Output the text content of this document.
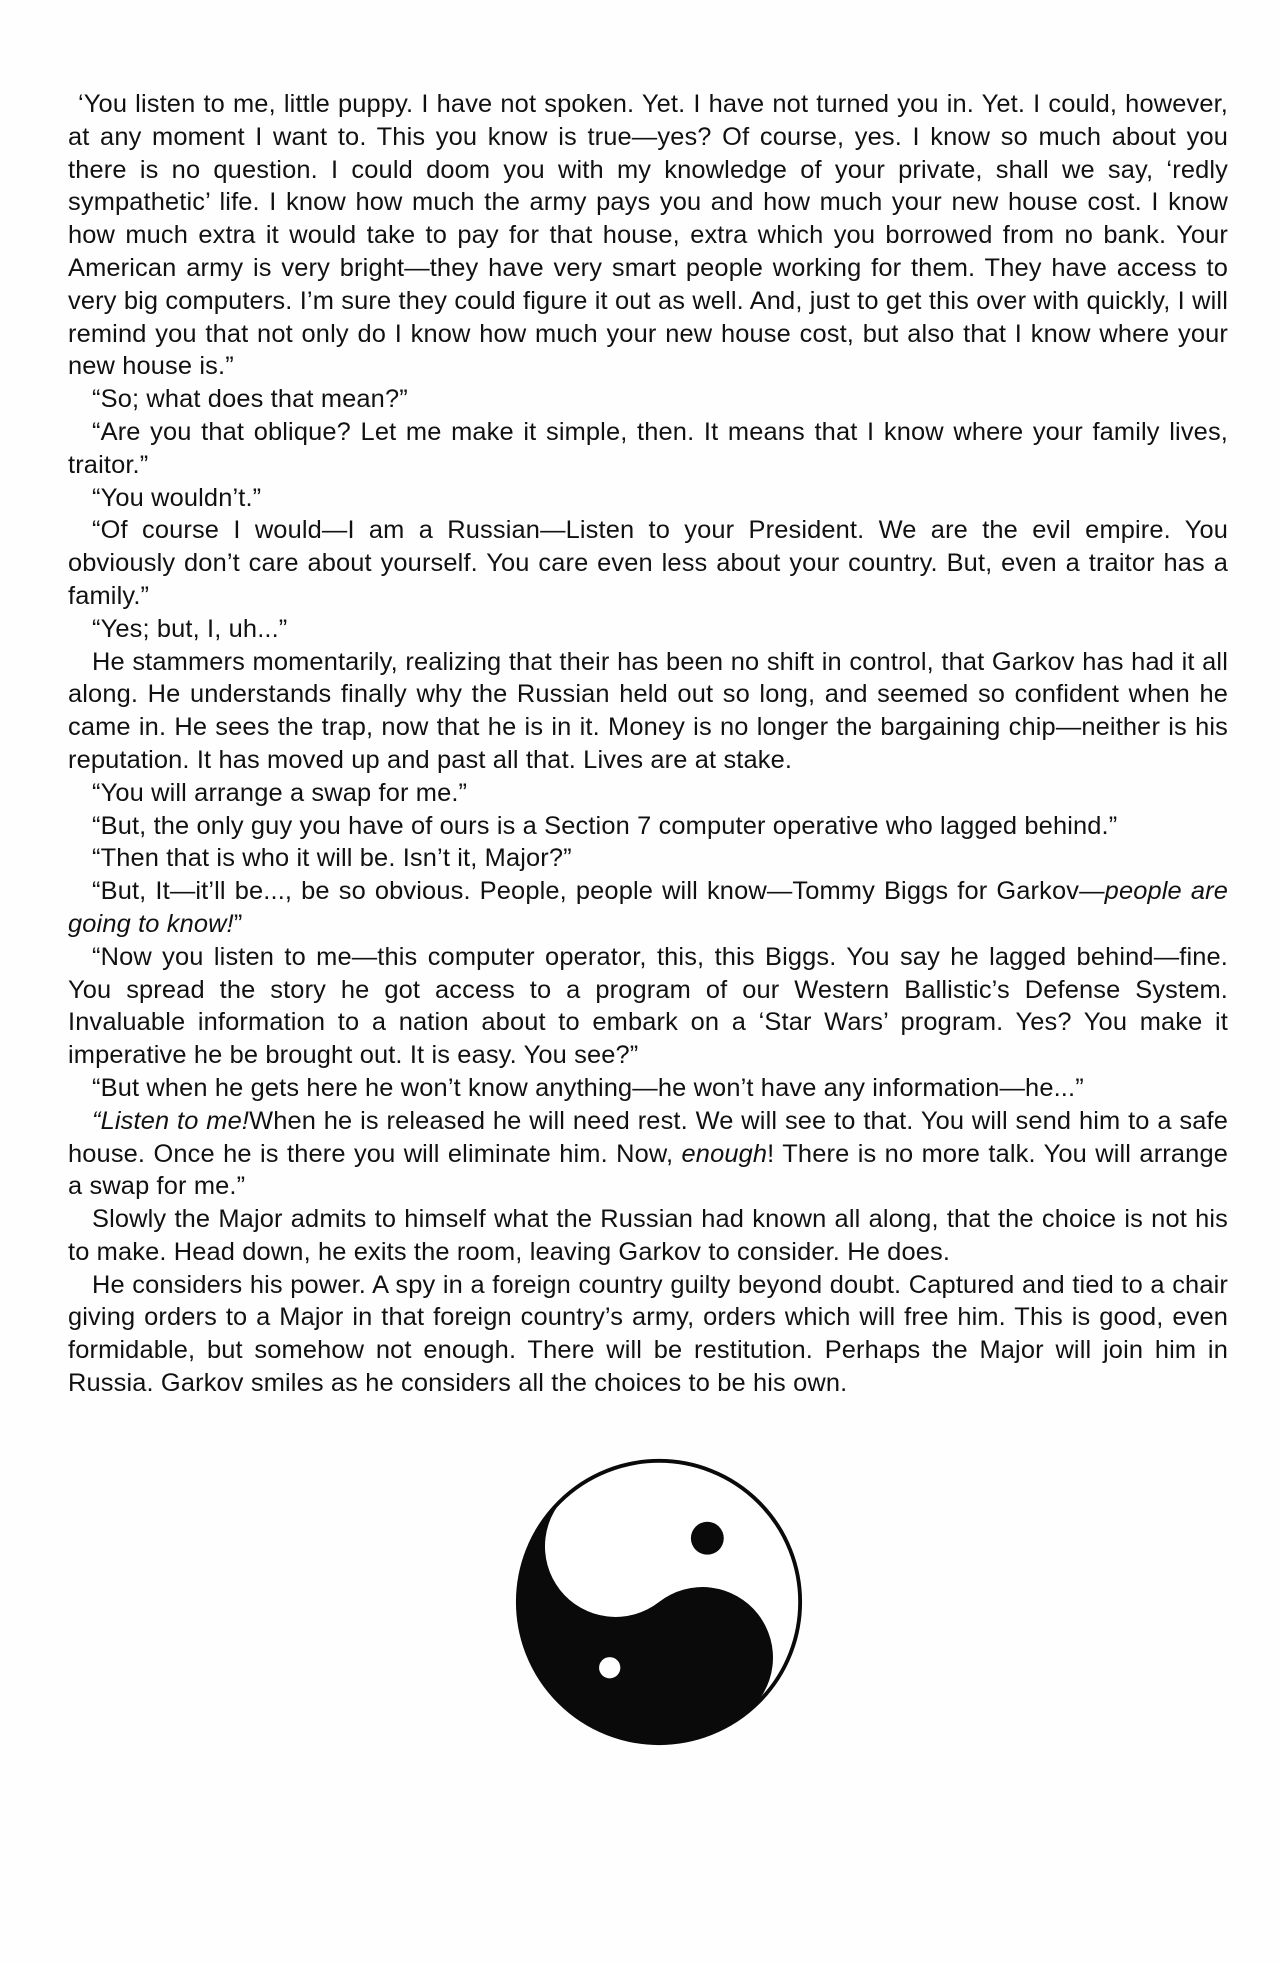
‘You listen to me, little puppy. I have not spoken. Yet. I have not turned you in. Yet. I could, however, at any moment I want to. This you know is true—yes? Of course, yes. I know so much about you there is no question. I could doom you with my knowledge of your private, shall we say, ‘redly sympathetic’ life. I know how much the army pays you and how much your new house cost. I know how much extra it would take to pay for that house, extra which you borrowed from no bank. Your American army is very bright—they have very smart people working for them. They have access to very big computers. I’m sure they could figure it out as well. And, just to get this over with quickly, I will remind you that not only do I know how much your new house cost, but also that I know where your new house is.”

“So; what does that mean?”

“Are you that oblique? Let me make it simple, then. It means that I know where your family lives, traitor.”

“You wouldn’t.”

“Of course I would—I am a Russian—Listen to your President. We are the evil empire. You obviously don’t care about yourself. You care even less about your country. But, even a traitor has a family.”

“Yes; but, I, uh...”

He stammers momentarily, realizing that their has been no shift in control, that Garkov has had it all along. He understands finally why the Russian held out so long, and seemed so confident when he came in. He sees the trap, now that he is in it. Money is no longer the bargaining chip—neither is his reputation. It has moved up and past all that. Lives are at stake.

“You will arrange a swap for me.”

“But, the only guy you have of ours is a Section 7 computer operative who lagged behind.”

“Then that is who it will be. Isn’t it, Major?”

“But, It—it’ll be..., be so obvious. People, people will know—Tommy Biggs for Garkov—people are going to know!”

“Now you listen to me—this computer operator, this, this Biggs. You say he lagged behind—fine. You spread the story he got access to a program of our Western Ballistic’s Defense System. Invaluable information to a nation about to embark on a ‘Star Wars’ program. Yes? You make it imperative he be brought out. It is easy. You see?”

“But when he gets here he won’t know anything—he won’t have any information—he...”

“Listen to me!When he is released he will need rest. We will see to that. You will send him to a safe house. Once he is there you will eliminate him. Now, enough! There is no more talk. You will arrange a swap for me.”

Slowly the Major admits to himself what the Russian had known all along, that the choice is not his to make. Head down, he exits the room, leaving Garkov to consider. He does.

He considers his power. A spy in a foreign country guilty beyond doubt. Captured and tied to a chair giving orders to a Major in that foreign country’s army, orders which will free him. This is good, even formidable, but somehow not enough. There will be restitution. Perhaps the Major will join him in Russia. Garkov smiles as he considers all the choices to be his own.
